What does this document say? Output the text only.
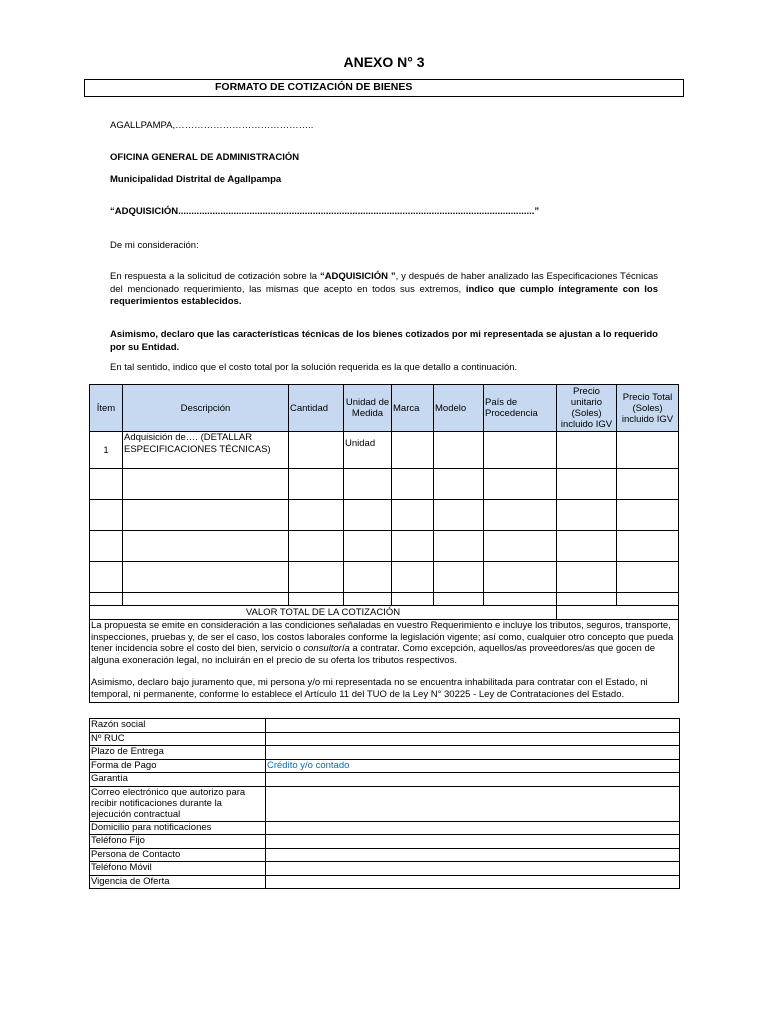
ANEXO N° 3
FORMATO DE COTIZACIÓN DE BIENES
AGALLPAMPA,……………………………………..
OFICINA GENERAL DE ADMINISTRACIÓN
Municipalidad Distrital de Agallpampa
“ADQUISICIÓN.......................................................................................................................................”
De mi consideración:
En respuesta a la solicitud de cotización sobre la “ADQUISICIÓN ”, y después de haber analizado las Especificaciones Técnicas del mencionado requerimiento, las mismas que acepto en todos sus extremos, indico que cumplo íntegramente con los requerimientos establecidos.
Asimismo, declaro que las características técnicas de los bienes cotizados por mi representada se ajustan a lo requerido por su Entidad.
En tal sentido, indico que el costo total por la solución requerida es la que detallo a continuación.
Ítem	Descripción	Cantidad	Unidad de Medida	Marca	Modelo	País de Procedencia	Precio unitario (Soles) incluido IGV	Precio Total (Soles) incluido IGV
1	Adquisición de…. (DETALLAR ESPECIFICACIONES TÉCNICAS)		Unidad					

VALOR TOTAL DE LA COTIZACIÓN								

La propuesta se emite en consideración a las condiciones señaladas en vuestro Requerimiento e incluye los tributos, seguros, transporte, inspecciones, pruebas y, de ser el caso, los costos laborales conforme la legislación vigente; así como, cualquier otro concepto que pueda tener incidencia sobre el costo del bien, servicio o consultoría a contratar. Como excepción, aquellos/as proveedores/as que gocen de alguna exoneración legal, no incluirán en el precio de su oferta los tributos respectivos.
Asimismo, declaro bajo juramento que, mi persona y/o mi representada no se encuentra inhabilitada para contratar con el Estado, ni temporal, ni permanente, conforme lo establece el Artículo 11 del TUO de la Ley N° 30225 - Ley de Contrataciones del Estado.								
Razón social	
Nº RUC	
Plazo de Entrega	
Forma de Pago	Crédito y/o contado
Garantía	
Correo electrónico que autorizo para recibir notificaciones durante la ejecución contractual	
Domicilio para notificaciones	
Teléfono Fijo	
Persona de Contacto	
Teléfono Móvil	
Vigencia de Oferta	
